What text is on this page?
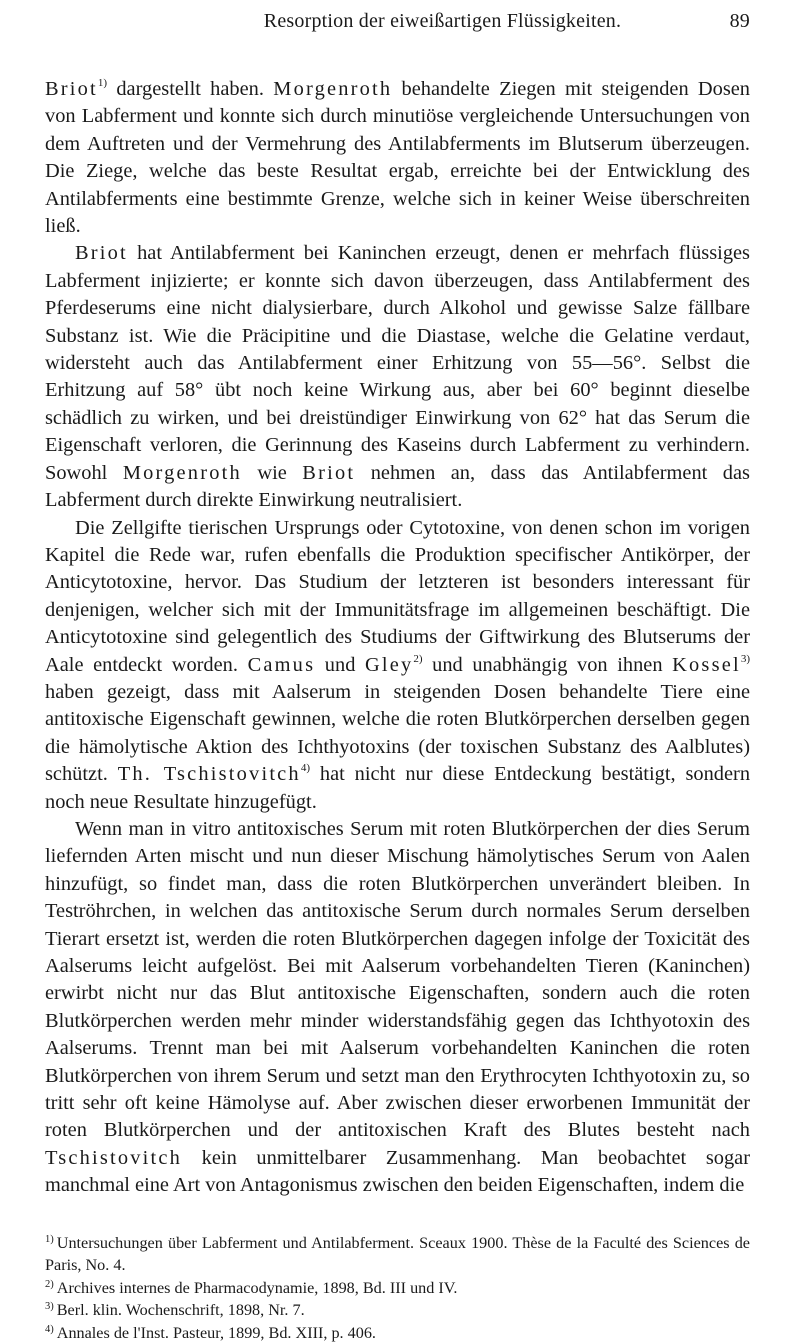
Resorption der eiweißartigen Flüssigkeiten.	89

Briot$^{1)}$ dargestellt haben. Morgenroth behandelte Ziegen mit steigenden Dosen von Labferment und konnte sich durch minutiöse vergleichende Untersuchungen von dem Auftreten und der Vermehrung des Antilabferments im Blutserum überzeugen. Die Ziege, welche das beste Resultat ergab, erreichte bei der Entwicklung des Antilabferments eine bestimmte Grenze, welche sich in keiner Weise überschreiten ließ.

Briot hat Antilabferment bei Kaninchen erzeugt, denen er mehrfach flüssiges Labferment injizierte; er konnte sich davon überzeugen, dass Antilabferment des Pferdeserums eine nicht dialysierbare, durch Alkohol und gewisse Salze fällbare Substanz ist. Wie die Präcipitine und die Diastase, welche die Gelatine verdaut, widersteht auch das Antilabferment einer Erhitzung von 55—56°. Selbst die Erhitzung auf 58° übt noch keine Wirkung aus, aber bei 60° beginnt dieselbe schädlich zu wirken, und bei dreistündiger Einwirkung von 62° hat das Serum die Eigenschaft verloren, die Gerinnung des Kaseins durch Labferment zu verhindern. Sowohl Morgenroth wie Briot nehmen an, dass das Antilabferment das Labferment durch direkte Einwirkung neutralisiert.

Die Zellgifte tierischen Ursprungs oder Cytotoxine, von denen schon im vorigen Kapitel die Rede war, rufen ebenfalls die Produktion specifischer Antikörper, der Anticytotoxine, hervor. Das Studium der letzteren ist besonders interessant für denjenigen, welcher sich mit der Immunitätsfrage im allgemeinen beschäftigt. Die Anticytotoxine sind gelegentlich des Studiums der Giftwirkung des Blutserums der Aale entdeckt worden. Camus und Gley$^{2)}$ und unabhängig von ihnen Kossel$^{3)}$ haben gezeigt, dass mit Aalserum in steigenden Dosen behandelte Tiere eine antitoxische Eigenschaft gewinnen, welche die roten Blutkörperchen derselben gegen die hämolytische Aktion des Ichthyotoxins (der toxischen Substanz des Aalblutes) schützt. Th. Tschistovitch$^{4)}$ hat nicht nur diese Entdeckung bestätigt, sondern noch neue Resultate hinzugefügt.

Wenn man in vitro antitoxisches Serum mit roten Blutkörperchen der dies Serum liefernden Arten mischt und nun dieser Mischung hämolytisches Serum von Aalen hinzufügt, so findet man, dass die roten Blutkörperchen unverändert bleiben. In Teströhrchen, in welchen das antitoxische Serum durch normales Serum derselben Tierart ersetzt ist, werden die roten Blutkörperchen dagegen infolge der Toxicität des Aalserums leicht aufgelöst. Bei mit Aalserum vorbehandelten Tieren (Kaninchen) erwirbt nicht nur das Blut antitoxische Eigenschaften, sondern auch die roten Blutkörperchen werden mehr minder widerstandsfähig gegen das Ichthyotoxin des Aalserums. Trennt man bei mit Aalserum vorbehandelten Kaninchen die roten Blutkörperchen von ihrem Serum und setzt man den Erythrocyten Ichthyotoxin zu, so tritt sehr oft keine Hämolyse auf. Aber zwischen dieser erworbenen Immunität der roten Blutkörperchen und der antitoxischen Kraft des Blutes besteht nach Tschistovitch kein unmittelbarer Zusammenhang. Man beobachtet sogar manchmal eine Art von Antagonismus zwischen den beiden Eigenschaften, indem die

$^{1)}$ Untersuchungen über Labferment und Antilabferment. Sceaux 1900. Thèse de la Faculté des Sciences de Paris, No. 4.

$^{2)}$ Archives internes de Pharmacodynamie, 1898, Bd. III und IV.

$^{3)}$ Berl. klin. Wochenschrift, 1898, Nr. 7.

$^{4)}$ Annales de l'Inst. Pasteur, 1899, Bd. XIII, p. 406.
